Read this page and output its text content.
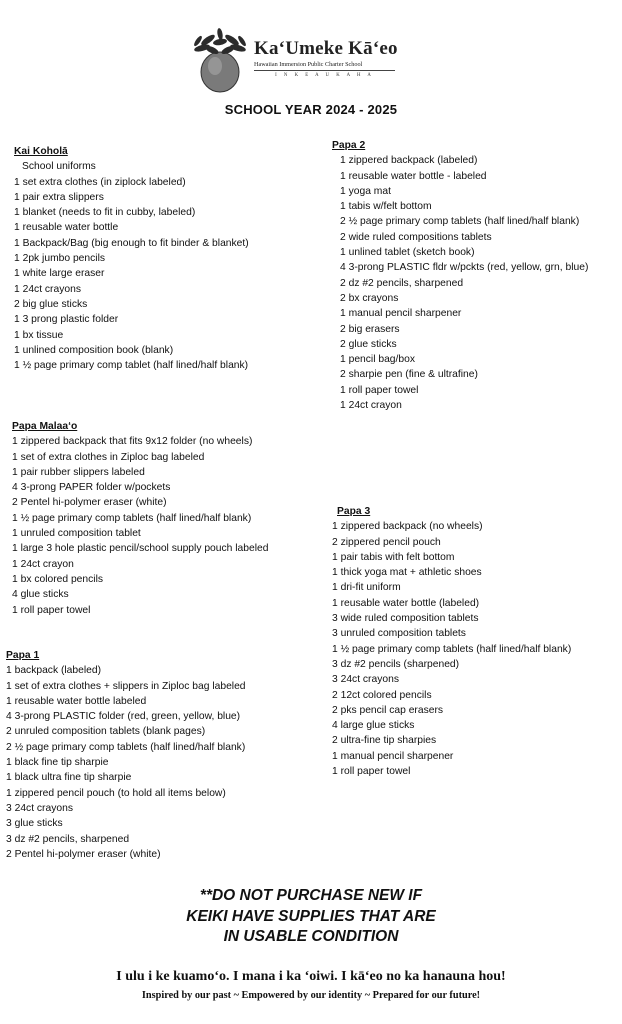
Ka‘Umeke Kā‘eo
Hawaiian Immersion Public Charter School
I N K E A U K A H A
SCHOOL YEAR 2024 - 2025
Kai Koholā
School uniforms
1 set extra clothes (in ziplock labeled)
1 pair extra slippers
1 blanket (needs to fit in cubby, labeled)
1 reusable water bottle
1 Backpack/Bag (big enough to fit binder & blanket)
1 2pk jumbo pencils
1 white large eraser
1 24ct crayons
2 big glue sticks
1 3 prong plastic folder
1 bx tissue
1 unlined composition book (blank)
1 ½ page primary comp tablet (half lined/half blank)
Papa Malaa‘o
1 zippered backpack that fits 9x12 folder (no wheels)
1 set of extra clothes in Ziploc bag labeled
1 pair rubber slippers labeled
4 3-prong PAPER folder w/pockets
2 Pentel hi-polymer eraser (white)
1 ½ page primary comp tablets (half lined/half blank)
1 unruled composition tablet
1 large 3 hole plastic pencil/school supply pouch labeled
1 24ct crayon
1 bx colored pencils
4 glue sticks
1 roll paper towel
Papa 1
1 backpack (labeled)
1 set of extra clothes + slippers in Ziploc bag labeled
1 reusable water bottle labeled
4 3-prong PLASTIC folder (red, green, yellow, blue)
2 unruled composition tablets (blank pages)
2 ½ page primary comp tablets (half lined/half blank)
1 black fine tip sharpie
1 black ultra fine tip sharpie
1 zippered pencil pouch (to hold all items below)
3 24ct crayons
3 glue sticks
3 dz #2 pencils, sharpened
2 Pentel hi-polymer eraser (white)
Papa 2
1 zippered backpack (labeled)
1 reusable water bottle - labeled
1 yoga mat
1 tabis w/felt bottom
2 ½ page primary comp tablets (half lined/half blank)
2 wide ruled compositions tablets
1 unlined tablet (sketch book)
4 3-prong PLASTIC fldr w/pckts (red, yellow, grn, blue)
2 dz #2 pencils, sharpened
2 bx crayons
1 manual pencil sharpener
2 big erasers
2 glue sticks
1 pencil bag/box
2 sharpie pen (fine & ultrafine)
1 roll paper towel
1 24ct crayon
Papa 3
1 zippered backpack (no wheels)
2 zippered pencil pouch
1 pair tabis with felt bottom
1 thick yoga mat + athletic shoes
1 dri-fit uniform
1 reusable water bottle (labeled)
3 wide ruled composition tablets
3 unruled composition tablets
1 ½ page primary comp tablets (half lined/half blank)
3 dz #2 pencils (sharpened)
3 24ct crayons
2 12ct colored pencils
2 pks pencil cap erasers
4 large glue sticks
2 ultra-fine tip sharpies
1 manual pencil sharpener
1 roll paper towel
**DO NOT PURCHASE NEW IF
KEIKI HAVE SUPPLIES THAT ARE
IN USABLE CONDITION
I ulu i ke kuamo‘o. I mana i ka ‘oiwi. I kā‘eo no ka hanauna hou!
Inspired by our past ~ Empowered by our identity ~ Prepared for our future!
